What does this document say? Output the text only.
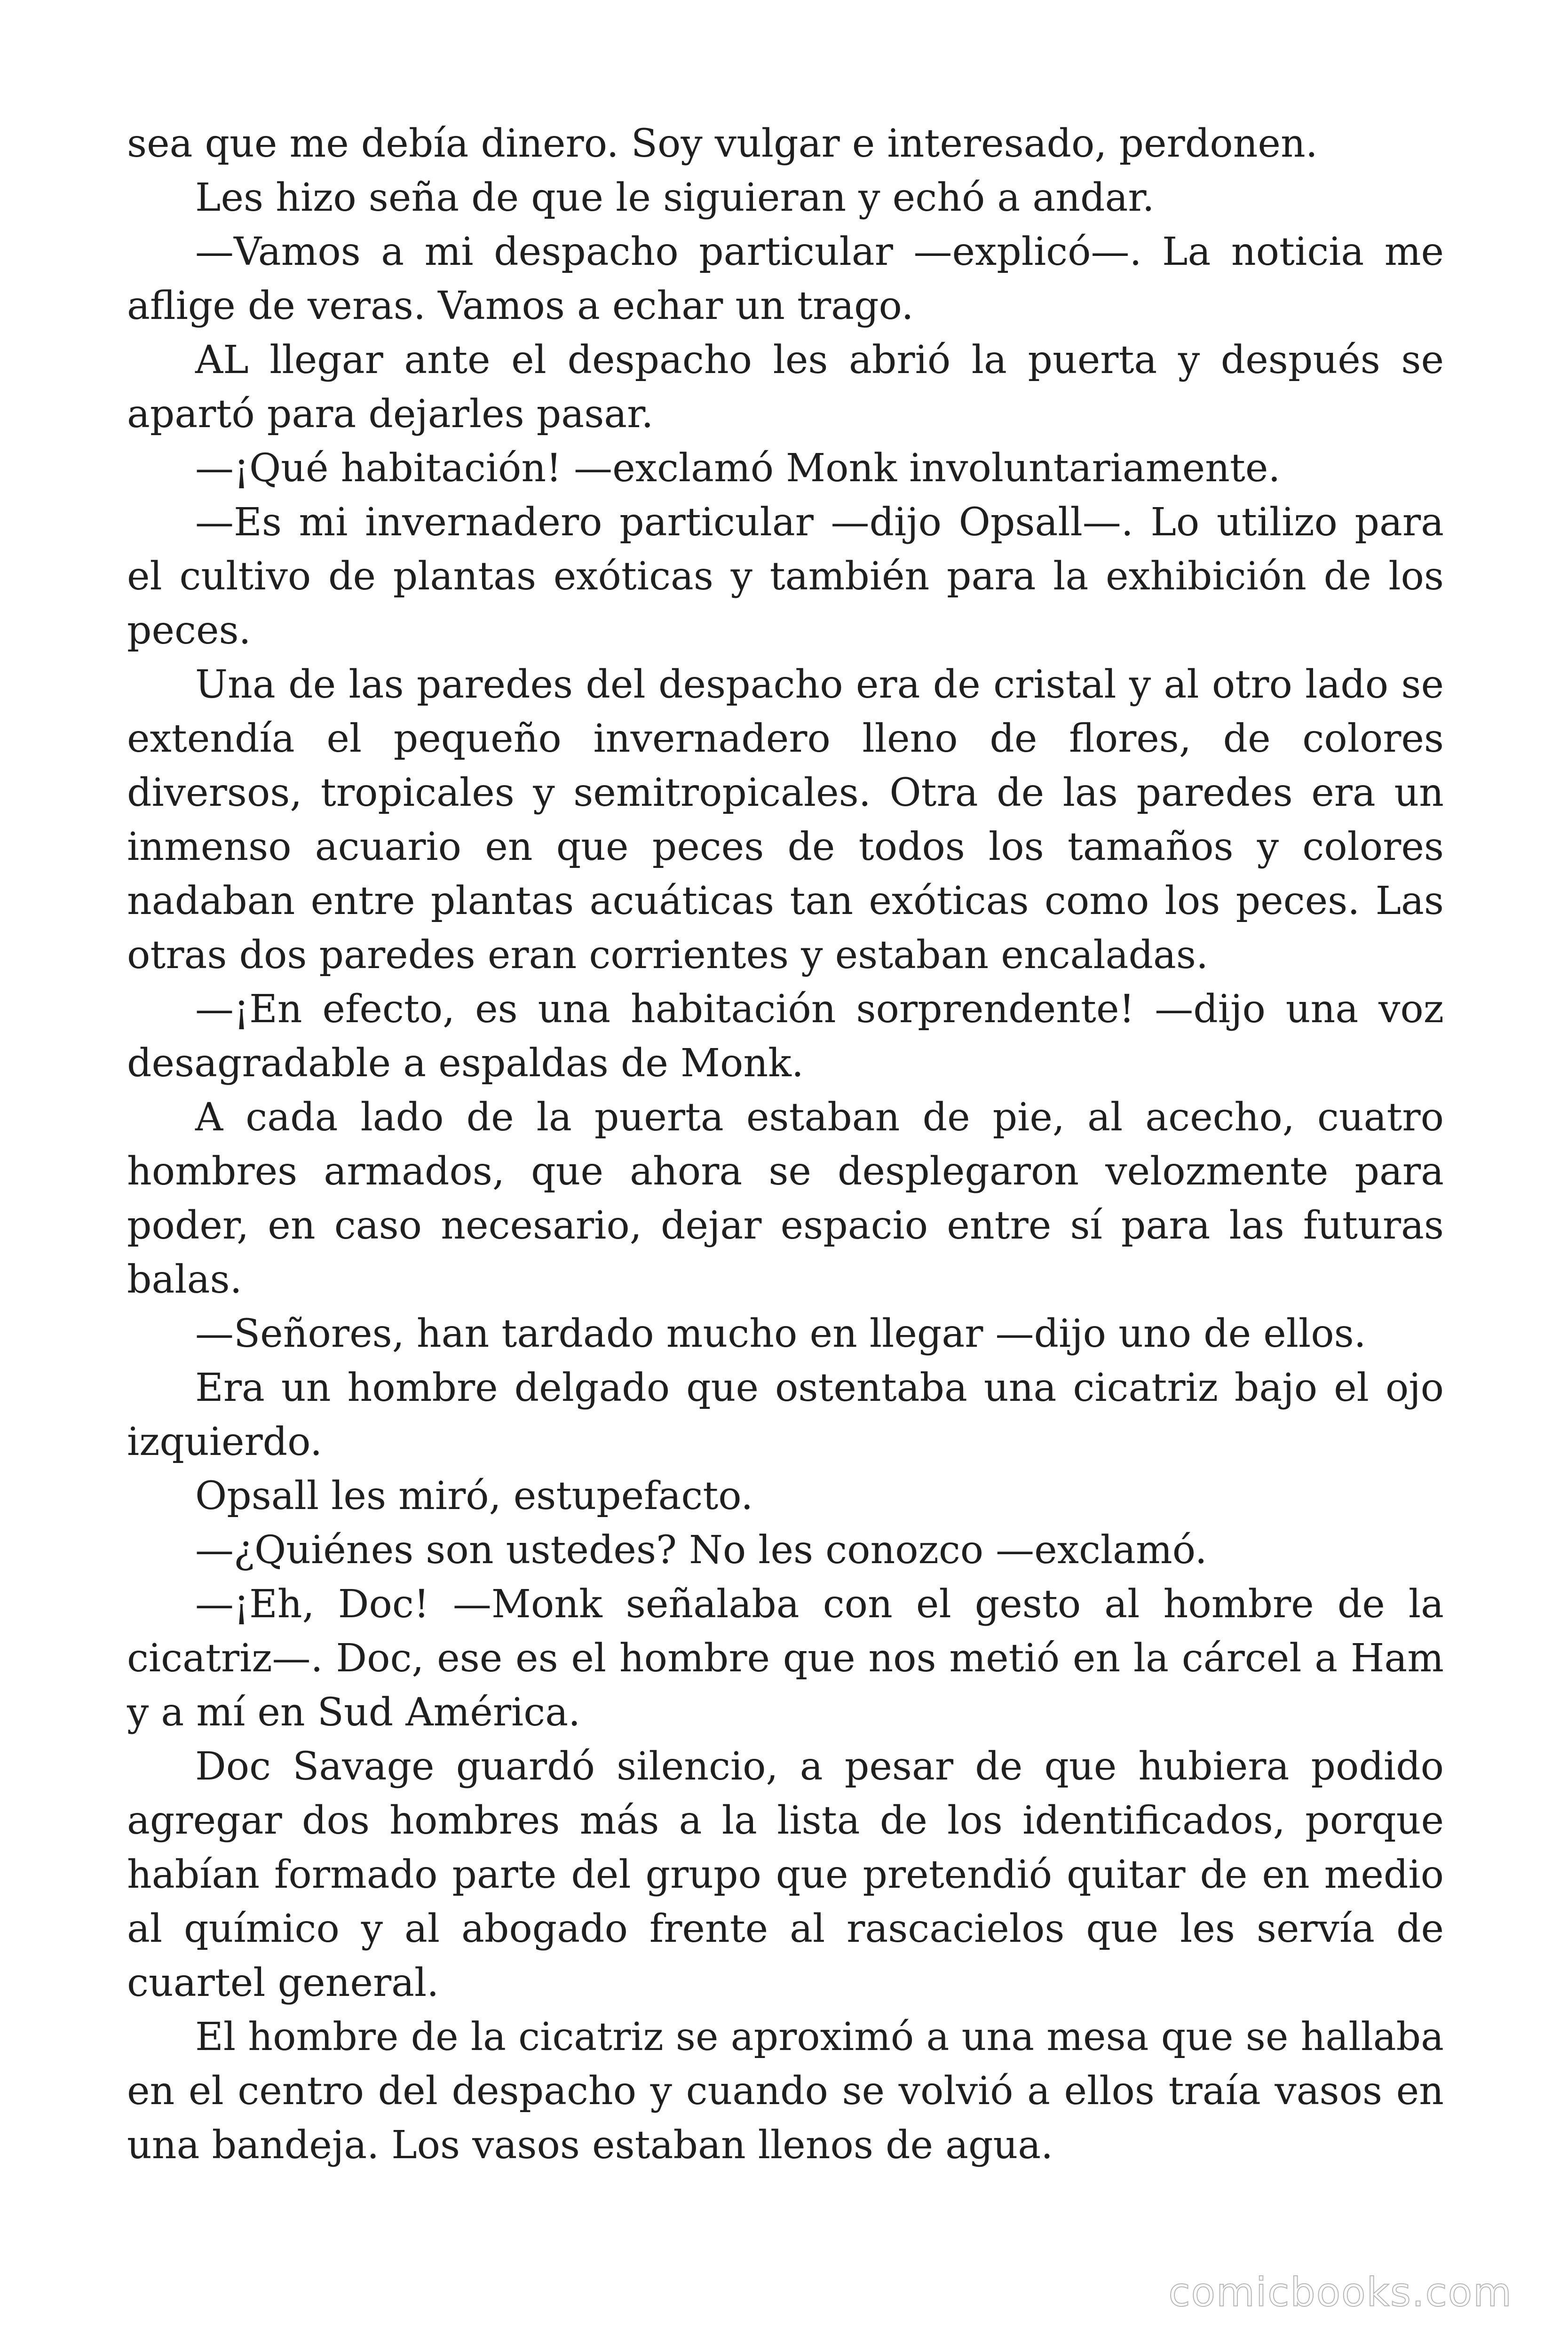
sea que me debía dinero. Soy vulgar e interesado, perdonen.

Les hizo seña de que le siguieran y echó a andar.

—Vamos a mi despacho particular —explicó—. La noticia me aflige de veras. Vamos a echar un trago.

AL llegar ante el despacho les abrió la puerta y después se apartó para dejarles pasar.

—¡Qué habitación! —exclamó Monk involuntariamente.

—Es mi invernadero particular —dijo Opsall—. Lo utilizo para el cultivo de plantas exóticas y también para la exhibición de los peces.

Una de las paredes del despacho era de cristal y al otro lado se extendía el pequeño invernadero lleno de flores, de colores diversos, tropicales y semitropicales. Otra de las paredes era un inmenso acuario en que peces de todos los tamaños y colores nadaban entre plantas acuáticas tan exóticas como los peces. Las otras dos paredes eran corrientes y estaban encaladas.

—¡En efecto, es una habitación sorprendente! —dijo una voz desagradable a espaldas de Monk.

A cada lado de la puerta estaban de pie, al acecho, cuatro hombres armados, que ahora se desplegaron velozmente para poder, en caso necesario, dejar espacio entre sí para las futuras balas.

—Señores, han tardado mucho en llegar —dijo uno de ellos.

Era un hombre delgado que ostentaba una cicatriz bajo el ojo izquierdo.

Opsall les miró, estupefacto.

—¿Quiénes son ustedes? No les conozco —exclamó.

—¡Eh, Doc! —Monk señalaba con el gesto al hombre de la cicatriz—. Doc, ese es el hombre que nos metió en la cárcel a Ham y a mí en Sud América.

Doc Savage guardó silencio, a pesar de que hubiera podido agregar dos hombres más a la lista de los identificados, porque habían formado parte del grupo que pretendió quitar de en medio al químico y al abogado frente al rascacielos que les servía de cuartel general.

El hombre de la cicatriz se aproximó a una mesa que se hallaba en el centro del despacho y cuando se volvió a ellos traía vasos en una bandeja. Los vasos estaban llenos de agua.

comicbooks.com
